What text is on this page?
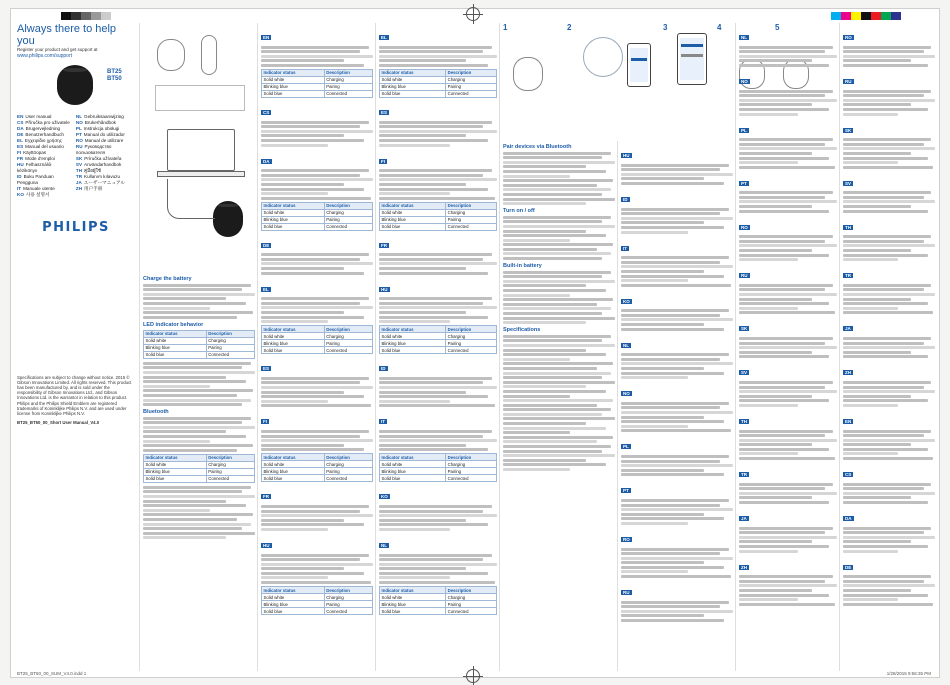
Always there to help you
Register your product and get support at
www.philips.com/support
BT25
BT50
EN User manual
CS Příručka pro uživatele
DA Brugervejledning
DE Benutzerhandbuch
EL Εγχειρίδιο χρήσης
ES Manual del usuario
FI Käyttöopas
FR Mode d'emploi
HU Felhasználói kézikönyv
ID Buku Panduan Pengguna
IT Manuale utente
KO 사용 설명서
NL Gebruiksaanwijzing
NO Brukerhåndbok
PL Instrukcja obsługi
PT Manual do utilizador
RO Manual de utilizare
RU Руководство пользователя
SK Príručka užívateľa
SV Användarhandbok
TH คู่มือผู้ใช้
TR Kullanım kılavuzu
JA ユーザーマニュアル
ZH 用户手册
PHILIPS
Specifications are subject to change without notice. 2015 © Gibson Innovations Limited. All rights reserved. This product has been manufactured by, and is sold under the responsibility of Gibson Innovations Ltd., and Gibson Innovations Ltd. is the warrantor in relation to this product. Philips and the Philips Shield Emblem are registered trademarks of Koninklijke Philips N.V. and are used under license from Koninklijke Philips N.V.
BT25_BT50_00_Short User Manual_V4.0
Charge the battery
LED indicator behavior
Indicator status	Description
Solid white	Charging
Blinking blue	Pairing
Solid blue	Connected
Bluetooth
Indicator status	Description
Solid white	Charging
Blinking blue	Pairing
Solid blue	Connected
EN
Indicator status	Description
Solid white	Charging
Blinking blue	Pairing
Solid blue	Connected
CS
DA
Indicator status	Description
Solid white	Charging
Blinking blue	Pairing
Solid blue	Connected
DE
EL
Indicator status	Description
Solid white	Charging
Blinking blue	Pairing
Solid blue	Connected
ES
FI
Indicator status	Description
Solid white	Charging
Blinking blue	Pairing
Solid blue	Connected
FR
HU
Indicator status	Description
Solid white	Charging
Blinking blue	Pairing
Solid blue	Connected
EL
Indicator status	Description
Solid white	Charging
Blinking blue	Pairing
Solid blue	Connected
ES
FI
Indicator status	Description
Solid white	Charging
Blinking blue	Pairing
Solid blue	Connected
FR
HU
Indicator status	Description
Solid white	Charging
Blinking blue	Pairing
Solid blue	Connected
ID
IT
Indicator status	Description
Solid white	Charging
Blinking blue	Pairing
Solid blue	Connected
KO
NL
Indicator status	Description
Solid white	Charging
Blinking blue	Pairing
Solid blue	Connected
1	2	3	4	5
Pair devices via Bluetooth
Turn on / off
Built-in battery
Specifications
HU
ID
IT
KO
NL
NO
PL
PT
RO
RU
NL
NO
PL
PT
RO
RU
SK
SV
TH
TR
JA
ZH
RO
RU
SK
SV
TH
TR
JA
ZH
EN
CS
DA
DE
BT25_BT50_00_SUM_V4.0.indd 1	1/28/2015 9:56:35 PM
